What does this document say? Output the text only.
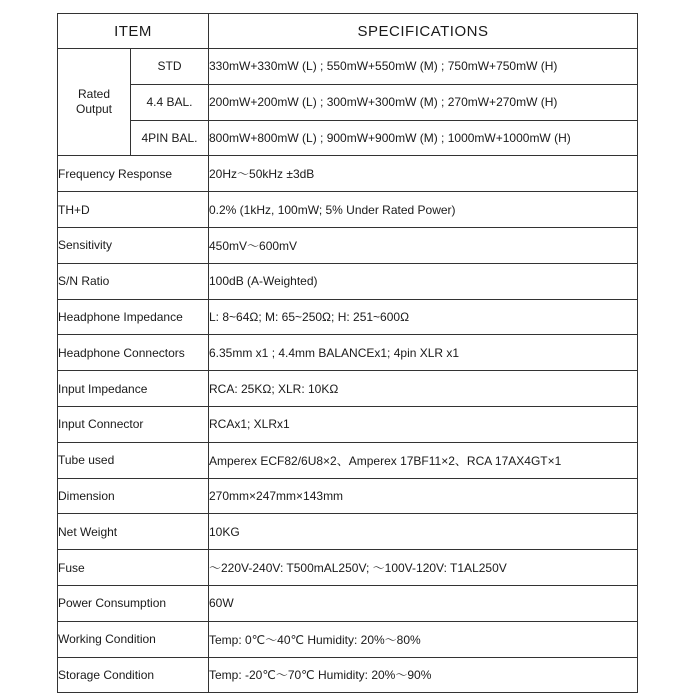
ITEM		SPECIFICATIONS

Rated
Output	STD	330mW+330mW (L) ; 550mW+550mW (M) ; 750mW+750mW (H)
	4.4 BAL.	200mW+200mW (L) ; 300mW+300mW (M) ; 270mW+270mW (H)
	4PIN BAL.	800mW+800mW (L) ; 900mW+900mW (M) ; 1000mW+1000mW (H)
Frequency Response		20Hz〜50kHz ±3dB
TH+D		0.2% (1kHz, 100mW; 5% Under Rated Power)
Sensitivity		450mV〜600mV
S/N Ratio		100dB (A-Weighted)
Headphone Impedance		L: 8~64Ω; M: 65~250Ω; H: 251~600Ω
Headphone Connectors		6.35mm x1 ; 4.4mm BALANCEx1; 4pin XLR x1
Input Impedance		RCA: 25KΩ; XLR: 10KΩ
Input Connector		RCAx1; XLRx1
Tube used		Amperex ECF82/6U8×2、Amperex 17BF11×2、RCA 17AX4GT×1
Dimension		270mm×247mm×143mm
Net Weight		10KG
Fuse		～220V-240V: T500mAL250V; ～100V-120V: T1AL250V
Power Consumption		60W
Working Condition		Temp: 0℃～40℃ Humidity: 20%～80%
Storage Condition		Temp: -20℃～70℃ Humidity: 20%～90%
